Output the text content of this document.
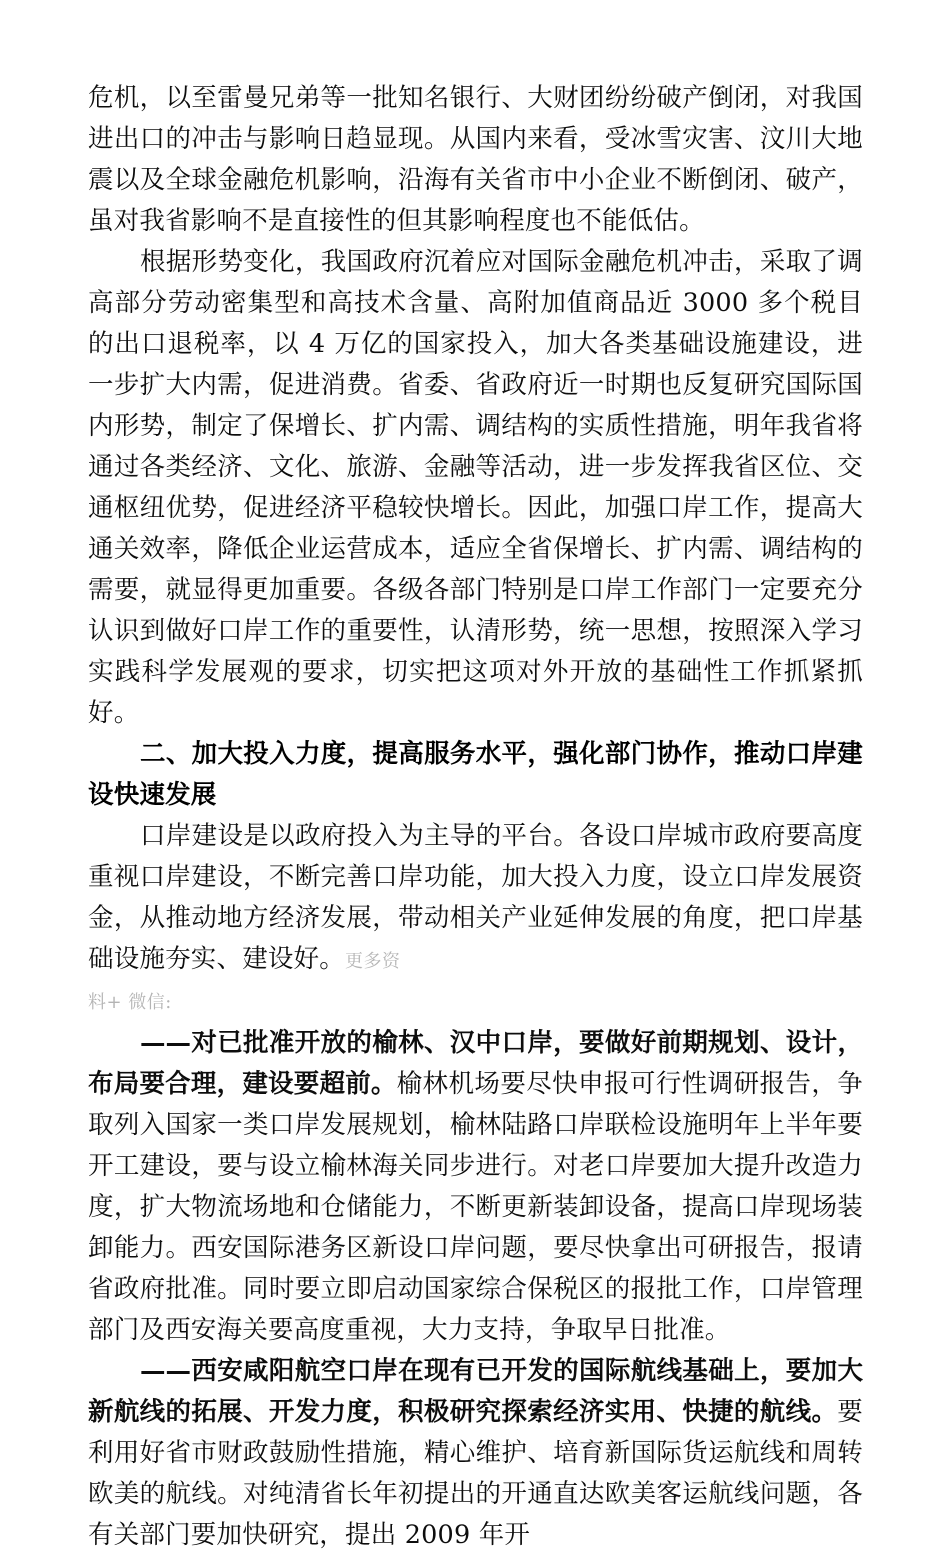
危机，以至雷曼兄弟等一批知名银行、大财团纷纷破产倒闭，对我国进出口的冲击与影响日趋显现。从国内来看，受冰雪灾害、汶川大地震以及全球金融危机影响，沿海有关省市中小企业不断倒闭、破产，虽对我省影响不是直接性的但其影响程度也不能低估。

根据形势变化，我国政府沉着应对国际金融危机冲击，采取了调高部分劳动密集型和高技术含量、高附加值商品近 3000 多个税目的出口退税率，以 4 万亿的国家投入，加大各类基础设施建设，进一步扩大内需，促进消费。省委、省政府近一时期也反复研究国际国内形势，制定了保增长、扩内需、调结构的实质性措施，明年我省将通过各类经济、文化、旅游、金融等活动，进一步发挥我省区位、交通枢纽优势，促进经济平稳较快增长。因此，加强口岸工作，提高大通关效率，降低企业运营成本，适应全省保增长、扩内需、调结构的需要，就显得更加重要。各级各部门特别是口岸工作部门一定要充分认识到做好口岸工作的重要性，认清形势，统一思想，按照深入学习实践科学发展观的要求，切实把这项对外开放的基础性工作抓紧抓好。

二、加大投入力度，提高服务水平，强化部门协作，推动口岸建设快速发展

口岸建设是以政府投入为主导的平台。各设口岸城市政府要高度重视口岸建设，不断完善口岸功能，加大投入力度，设立口岸发展资金，从推动地方经济发展，带动相关产业延伸发展的角度，把口岸基础设施夯实、建设好。更多资

料+ 微信:

——对已批准开放的榆林、汉中口岸，要做好前期规划、设计，布局要合理，建设要超前。榆林机场要尽快申报可行性调研报告，争取列入国家一类口岸发展规划，榆林陆路口岸联检设施明年上半年要开工建设，要与设立榆林海关同步进行。对老口岸要加大提升改造力度，扩大物流场地和仓储能力，不断更新装卸设备，提高口岸现场装卸能力。西安国际港务区新设口岸问题，要尽快拿出可研报告，报请省政府批准。同时要立即启动国家综合保税区的报批工作，口岸管理部门及西安海关要高度重视，大力支持，争取早日批准。

——西安咸阳航空口岸在现有已开发的国际航线基础上，要加大新航线的拓展、开发力度，积极研究探索经济实用、快捷的航线。要利用好省市财政鼓励性措施，精心维护、培育新国际货运航线和周转欧美的航线。对纯清省长年初提出的开通直达欧美客运航线问题，各有关部门要加快研究，提出 2009 年开
